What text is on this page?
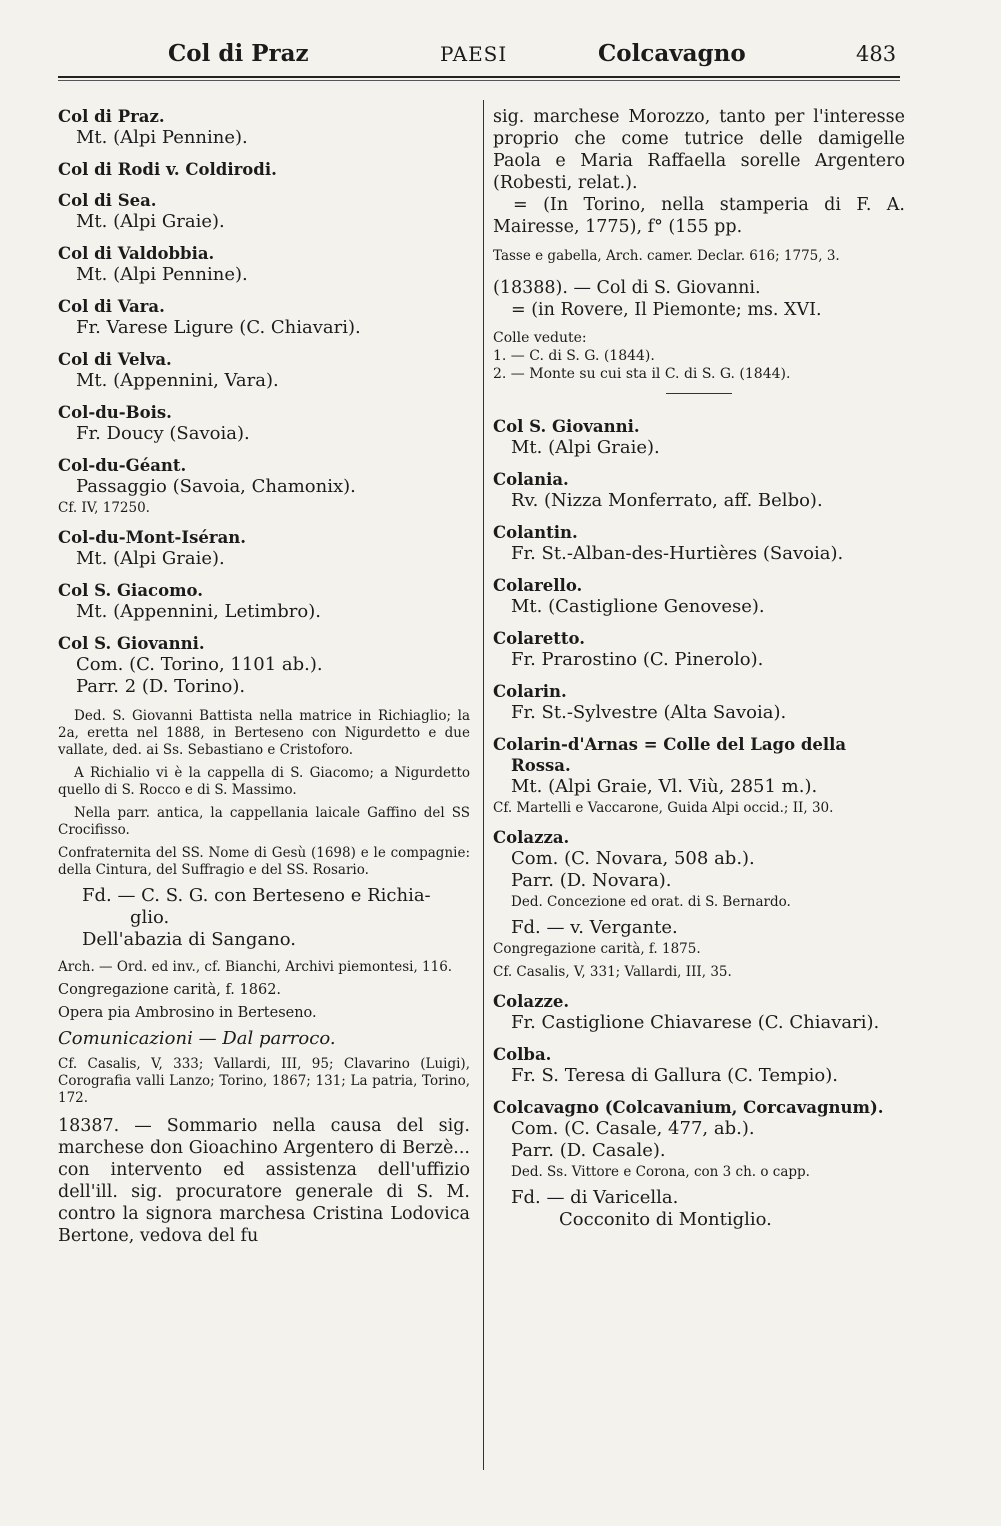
Col di Praz	PAESI	Colcavagno	483
Col di Praz.
Mt. (Alpi Pennine).
Col di Rodi v. Coldirodi.
Col di Sea.
Mt. (Alpi Graie).
Col di Valdobbia.
Mt. (Alpi Pennine).
Col di Vara.
Fr. Varese Ligure (C. Chiavari).
Col di Velva.
Mt. (Appennini, Vara).
Col-du-Bois.
Fr. Doucy (Savoia).
Col-du-Géant.
Passaggio (Savoia, Chamonix).
Cf. IV, 17250.
Col-du-Mont-Iséran.
Mt. (Alpi Graie).
Col S. Giacomo.
Mt. (Appennini, Letimbro).
Col S. Giovanni.
Com. (C. Torino, 1101 ab.).
Parr. 2 (D. Torino).
Ded. S. Giovanni Battista nella matrice in Richiaglio; la 2a, eretta nel 1888, in Berteseno con Nigurdetto e due vallate, ded. ai Ss. Sebastiano e Cristoforo.
A Richialio vi è la cappella di S. Giacomo; a Nigurdetto quello di S. Rocco e di S. Massimo.
Nella parr. antica, la cappellania laicale Gaffino del SS Crocifisso.
Confraternita del SS. Nome di Gesù (1698) e le compagnie: della Cintura, del Suffragio e del SS. Rosario.
Fd. — C. S. G. con Berteseno e Richia-
glio.
Dell'abazia di Sangano.
Arch. — Ord. ed inv., cf. Bianchi, Archivi piemontesi, 116.
Congregazione carità, f. 1862.
Opera pia Ambrosino in Berteseno.
Comunicazioni — Dal parroco.
Cf. Casalis, V, 333; Vallardi, III, 95; Clavarino (Luigi), Corografia valli Lanzo; Torino, 1867; 131; La patria, Torino, 172.
18387. — Sommario nella causa del sig. marchese don Gioachino Argentero di Berzè... con intervento ed assistenza dell'uffizio dell'ill. sig. procuratore generale di S. M. contro la signora marchesa Cristina Lodovica Bertone, vedova del fu
sig. marchese Morozzo, tanto per l'interesse proprio che come tutrice delle damigelle Paola e Maria Raffaella sorelle Argentero (Robesti, relat.).
= (In Torino, nella stamperia di F. A. Mairesse, 1775), f° (155 pp.
Tasse e gabella, Arch. camer. Declar. 616; 1775, 3.
(18388). — Col di S. Giovanni.
= (in Rovere, Il Piemonte; ms. XVI.
Colle vedute:
1. — C. di S. G. (1844).
2. — Monte su cui sta il C. di S. G. (1844).
Col S. Giovanni.
Mt. (Alpi Graie).
Colania.
Rv. (Nizza Monferrato, aff. Belbo).
Colantin.
Fr. St.-Alban-des-Hurtières (Savoia).
Colarello.
Mt. (Castiglione Genovese).
Colaretto.
Fr. Prarostino (C. Pinerolo).
Colarin.
Fr. St.-Sylvestre (Alta Savoia).
Colarin-d'Arnas = Colle del Lago della
Rossa.
Mt. (Alpi Graie, Vl. Viù, 2851 m.).
Cf. Martelli e Vaccarone, Guida Alpi occid.; II, 30.
Colazza.
Com. (C. Novara, 508 ab.).
Parr. (D. Novara).
Ded. Concezione ed orat. di S. Bernardo.
Fd. — v. Vergante.
Congregazione carità, f. 1875.
Cf. Casalis, V, 331; Vallardi, III, 35.
Colazze.
Fr. Castiglione Chiavarese (C. Chiavari).
Colba.
Fr. S. Teresa di Gallura (C. Tempio).
Colcavagno (Colcavanium, Corcavagnum).
Com. (C. Casale, 477, ab.).
Parr. (D. Casale).
Ded. Ss. Vittore e Corona, con 3 ch. o capp.
Fd. — di Varicella.
Cocconito di Montiglio.
